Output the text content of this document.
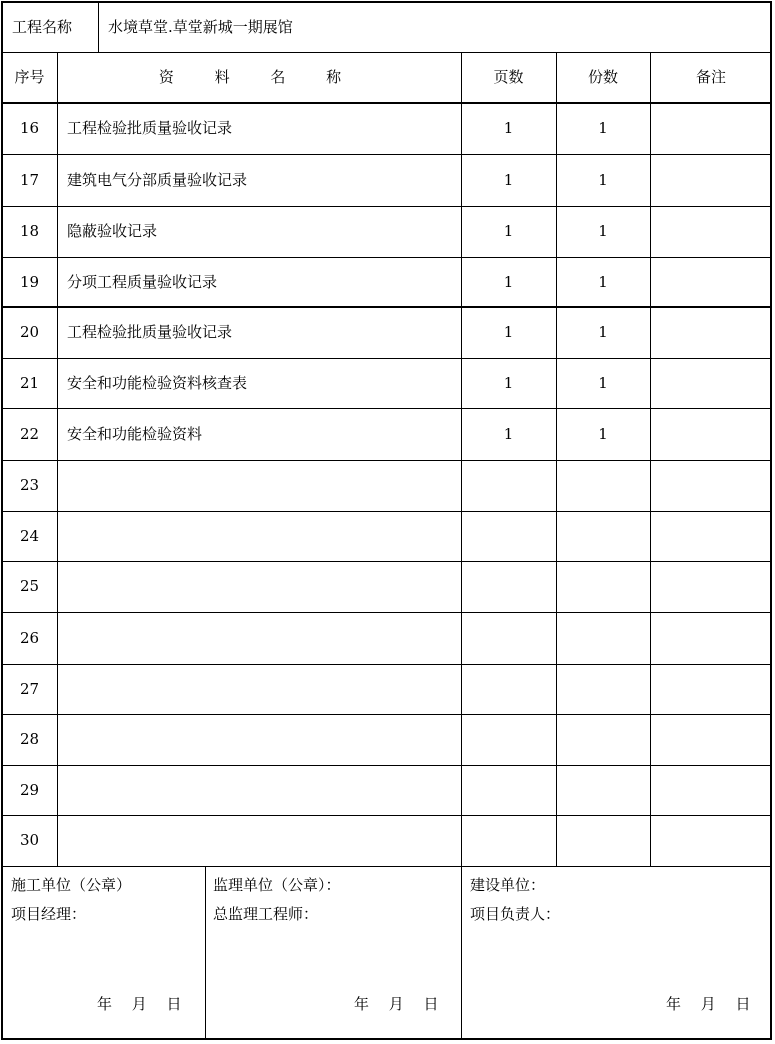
工程名称	水境草堂.草堂新城一期展馆
序号	资 料 名 称	页数	份数	备注
16	工程检验批质量验收记录	1	1
17	建筑电气分部质量验收记录	1	1
18	隐蔽验收记录	1	1
19	分项工程质量验收记录	1	1
20	工程检验批质量验收记录	1	1
21	安全和功能检验资料核查表	1	1
22	安全和功能检验资料	1	1
23
24
25
26
27
28
29
30
施工单位（公章）
项目经理：
年　 月　 日
监理单位（公章）：
总监理工程师：
年　 月　 日
建设单位：
项目负责人：
年　 月　 日
